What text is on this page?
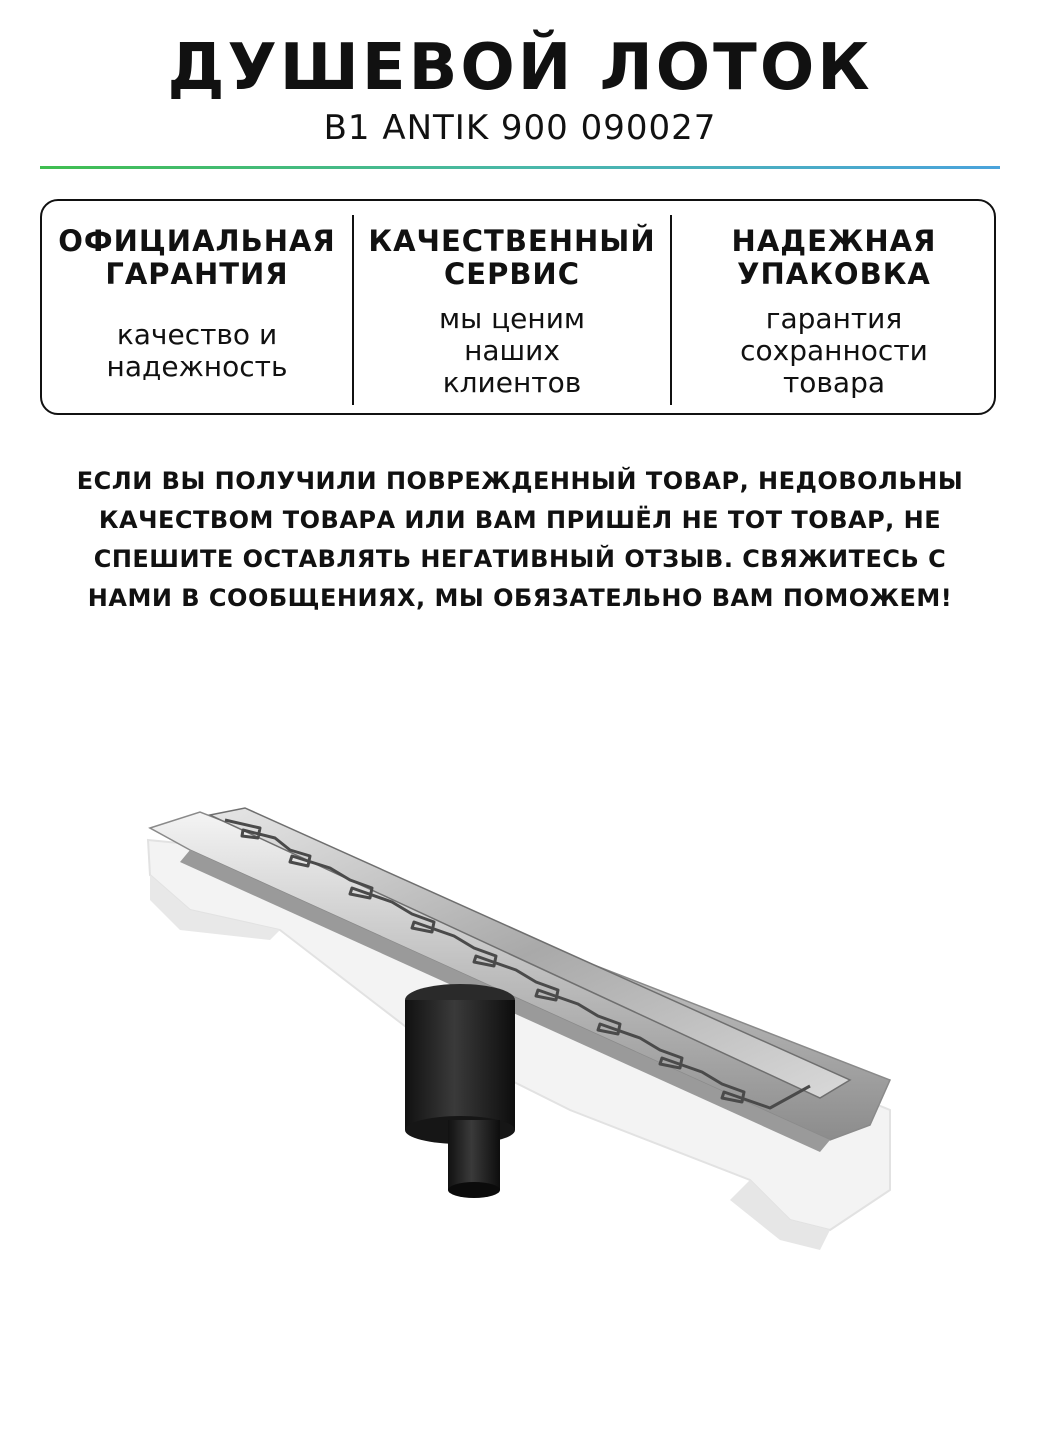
ДУШЕВОЙ ЛОТОК
B1 ANTIK 900 090027
ОФИЦИАЛЬНАЯ
ГАРАНТИЯ
качество и
надежность
КАЧЕСТВЕННЫЙ
СЕРВИС
мы ценим
наших
клиентов
НАДЕЖНАЯ
УПАКОВКА
гарантия
сохранности
товара
ЕСЛИ ВЫ ПОЛУЧИЛИ ПОВРЕЖДЕННЫЙ ТОВАР, НЕДОВОЛЬНЫ КАЧЕСТВОМ ТОВАРА ИЛИ ВАМ ПРИШЁЛ НЕ ТОТ ТОВАР, НЕ СПЕШИТЕ ОСТАВЛЯТЬ НЕГАТИВНЫЙ ОТЗЫВ. СВЯЖИТЕСЬ С НАМИ В СООБЩЕНИЯХ, МЫ ОБЯЗАТЕЛЬНО ВАМ ПОМОЖЕМ!
